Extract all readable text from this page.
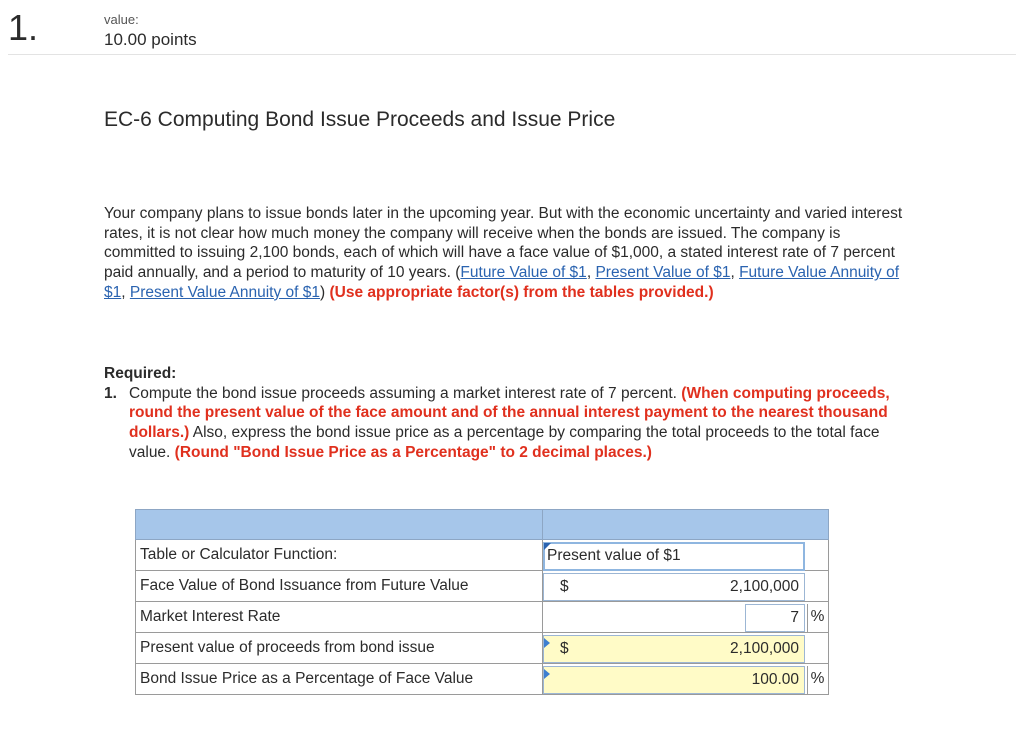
1.	value:
10.00 points
EC-6 Computing Bond Issue Proceeds and Issue Price
Your company plans to issue bonds later in the upcoming year. But with the economic uncertainty and varied interest rates, it is not clear how much money the company will receive when the bonds are issued. The company is committed to issuing 2,100 bonds, each of which will have a face value of $1,000, a stated interest rate of 7 percent paid annually, and a period to maturity of 10 years. (Future Value of $1, Present Value of $1, Future Value Annuity of $1, Present Value Annuity of $1) (Use appropriate factor(s) from the tables provided.)
Required:
1. Compute the bond issue proceeds assuming a market interest rate of 7 percent. (When computing proceeds, round the present value of the face amount and of the annual interest payment to the nearest thousand dollars.) Also, express the bond issue price as a percentage by comparing the total proceeds to the total face value. (Round "Bond Issue Price as a Percentage" to 2 decimal places.)
Table or Calculator Function:	Present value of $1
Face Value of Bond Issuance from Future Value	$	2,100,000
Market Interest Rate	7 %
Present value of proceeds from bond issue	$	2,100,000
Bond Issue Price as a Percentage of Face Value	100.00 %
